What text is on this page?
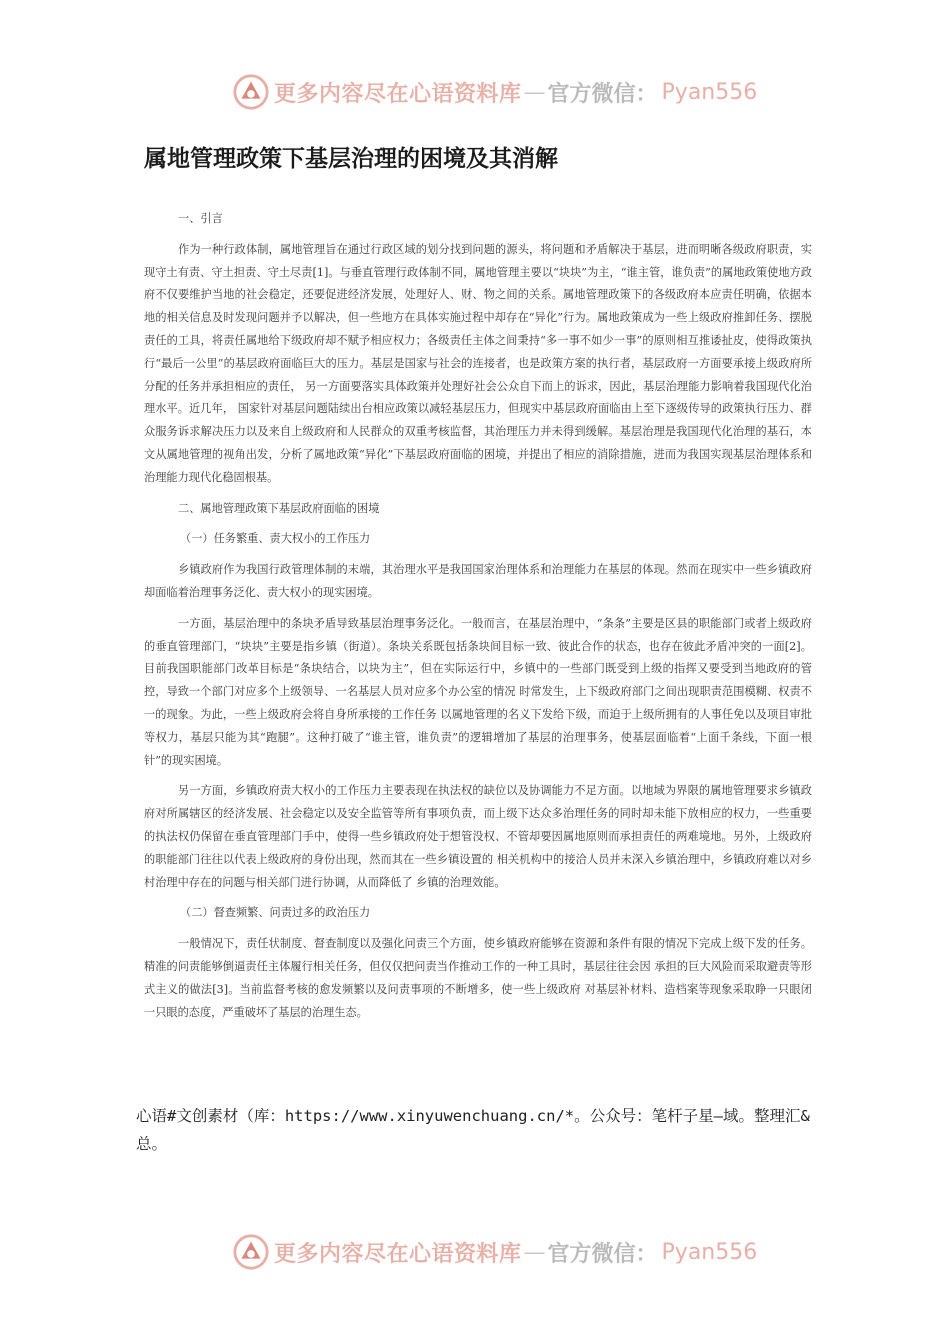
更多内容尽在心语资料库 — 官方微信： Pyan556
属地管理政策下基层治理的困境及其消解
一、引言

作为一种行政体制，属地管理旨在通过行政区域的划分找到问题的源头，将问题和矛盾解决于基层，进而明晰各级政府职责，实现守土有责、守土担责、守土尽责[1]。与垂直管理行政体制不同，属地管理主要以“块块”为主，“谁主管，谁负责”的属地政策使地方政府不仅要维护当地的社会稳定，还要促进经济发展，处理好人、财、物之间的关系。属地管理政策下的各级政府本应责任明确，依据本地的相关信息及时发现问题并予以解决，但一些地方在具体实施过程中却存在“异化”行为。属地政策成为一些上级政府推卸任务、摆脱责任的工具，将责任属地给下级政府却不赋予相应权力；各级责任主体之间秉持“多一事不如少一事”的原则相互推诿扯皮，使得政策执行“最后一公里”的基层政府面临巨大的压力。基层是国家与社会的连接者，也是政策方案的执行者，基层政府一方面要承接上级政府所分配的任务并承担相应的责任， 另一方面要落实具体政策并处理好社会公众自下而上的诉求，因此，基层治理能力影响着我国现代化治理水平。近几年， 国家针对基层问题陆续出台相应政策以减轻基层压力，但现实中基层政府面临由上至下逐级传导的政策执行压力、群众服务诉求解决压力以及来自上级政府和人民群众的双重考核监督，其治理压力并未得到缓解。基层治理是我国现代化治理的基石，本文从属地管理的视角出发，分析了属地政策“异化”下基层政府面临的困境，并提出了相应的消除措施，进而为我国实现基层治理体系和治理能力现代化稳固根基。

二、属地管理政策下基层政府面临的困境
（一）任务繁重、责大权小的工作压力

乡镇政府作为我国行政管理体制的末端，其治理水平是我国国家治理体系和治理能力在基层的体现。然而在现实中一些乡镇政府却面临着治理事务泛化、责大权小的现实困境。

一方面，基层治理中的条块矛盾导致基层治理事务泛化。一般而言，在基层治理中，“条条”主要是区县的职能部门或者上级政府的垂直管理部门，“块块”主要是指乡镇（街道）。条块关系既包括条块间目标一致、彼此合作的状态，也存在彼此矛盾冲突的一面[2]。目前我国职能部门改革目标是“条块结合，以块为主”，但在实际运行中，乡镇中的一些部门既受到上级的指挥又要受到当地政府的管控，导致一个部门对应多个上级领导、一名基层人员对应多个办公室的情况 时常发生，上下级政府部门之间出现职责范围模糊、权责不一的现象。为此，一些上级政府会将自身所承接的工作任务 以属地管理的名义下发给下级，而迫于上级所拥有的人事任免以及项目审批等权力，基层只能为其“跑腿”。这种打破了“谁主管，谁负责”的逻辑增加了基层的治理事务，使基层面临着“上面千条线，下面一根针”的现实困境。

另一方面，乡镇政府责大权小的工作压力主要表现在执法权的缺位以及协调能力不足方面。以地域为界限的属地管理要求乡镇政府对所属辖区的经济发展、社会稳定以及安全监管等所有事项负责，而上级下达众多治理任务的同时却未能下放相应的权力，一些重要的执法权仍保留在垂直管理部门手中，使得一些乡镇政府处于想管没权、不管却要因属地原则而承担责任的两难境地。另外，上级政府的职能部门往往以代表上级政府的身份出现，然而其在一些乡镇设置的 相关机构中的接洽人员并未深入乡镇治理中，乡镇政府难以对乡村治理中存在的问题与相关部门进行协调，从而降低了 乡镇的治理效能。

（二）督查频繁、问责过多的政治压力

一般情况下，责任状制度、督查制度以及强化问责三个方面，使乡镇政府能够在资源和条件有限的情况下完成上级下发的任务。精准的问责能够倒逼责任主体履行相关任务，但仅仅把问责当作推动工作的一种工具时，基层往往会因 承担的巨大风险而采取避责等形式主义的做法[3]。当前监督考核的愈发频繁以及问责事项的不断增多，使一些上级政府 对基层补材料、造档案等现象采取睁一只眼闭一只眼的态度，严重破坏了基层的治理生态。

心语#文创素材（库：https://www.xinyuwenchuang.cn/*。公众号：笔杆子星—域。整理汇&总。

更多内容尽在心语资料库 — 官方微信： Pyan556
